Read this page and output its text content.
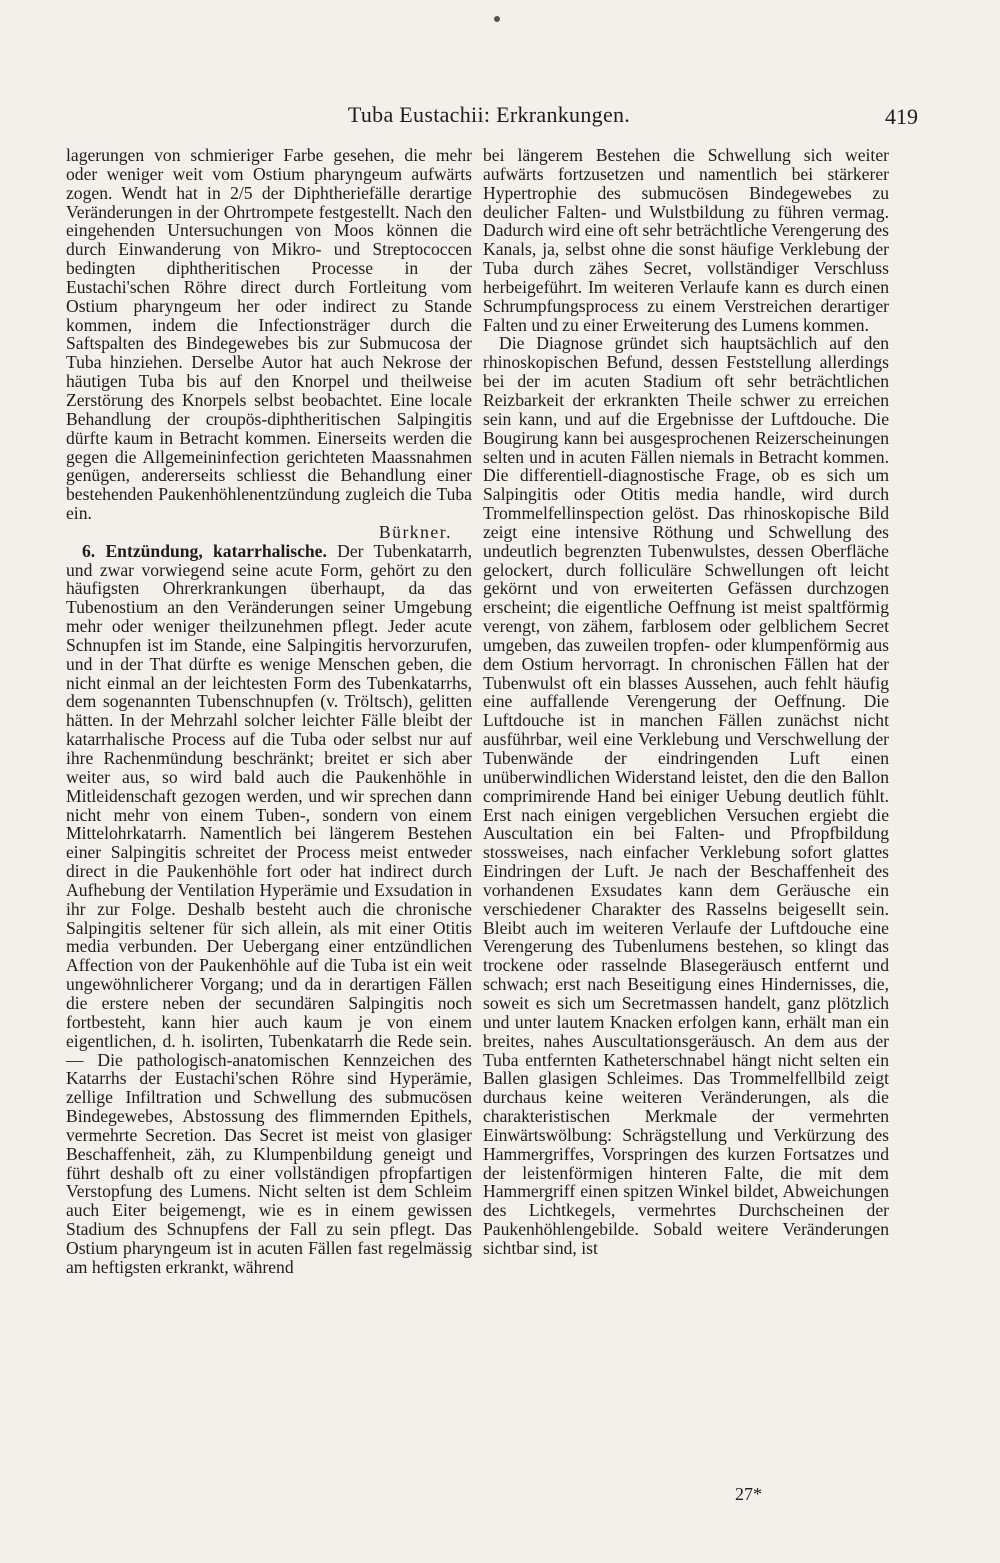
Tuba Eustachii: Erkrankungen.	419

lagerungen von schmieriger Farbe gesehen, die mehr oder weniger weit vom Ostium pharyngeum aufwärts zogen. Wendt hat in 2/5 der Diphtheriefälle derartige Veränderungen in der Ohrtrompete festgestellt. Nach den eingehenden Untersuchungen von Moos können die durch Einwanderung von Mikro- und Streptococcen bedingten diphtheritischen Processe in der Eustachi'schen Röhre direct durch Fortleitung vom Ostium pharyngeum her oder indirect zu Stande kommen, indem die Infectionsträger durch die Saftspalten des Bindegewebes bis zur Submucosa der Tuba hinziehen. Derselbe Autor hat auch Nekrose der häutigen Tuba bis auf den Knorpel und theilweise Zerstörung des Knorpels selbst beobachtet. Eine locale Behandlung der croupös-diphtheritischen Salpingitis dürfte kaum in Betracht kommen. Einerseits werden die gegen die Allgemeininfection gerichteten Maassnahmen genügen, andererseits schliesst die Behandlung einer bestehenden Paukenhöhlenentzündung zugleich die Tuba ein.

Bürkner.

6. Entzündung, katarrhalische. Der Tubenkatarrh, und zwar vorwiegend seine acute Form, gehört zu den häufigsten Ohrerkrankungen überhaupt, da das Tubenostium an den Veränderungen seiner Umgebung mehr oder weniger theilzunehmen pflegt. Jeder acute Schnupfen ist im Stande, eine Salpingitis hervorzurufen, und in der That dürfte es wenige Menschen geben, die nicht einmal an der leichtesten Form des Tubenkatarrhs, dem sogenannten Tubenschnupfen (v. Tröltsch), gelitten hätten. In der Mehrzahl solcher leichter Fälle bleibt der katarrhalische Process auf die Tuba oder selbst nur auf ihre Rachenmündung beschränkt; breitet er sich aber weiter aus, so wird bald auch die Paukenhöhle in Mitleidenschaft gezogen werden, und wir sprechen dann nicht mehr von einem Tuben-, sondern von einem Mittelohrkatarrh. Namentlich bei längerem Bestehen einer Salpingitis schreitet der Process meist entweder direct in die Paukenhöhle fort oder hat indirect durch Aufhebung der Ventilation Hyperämie und Exsudation in ihr zur Folge. Deshalb besteht auch die chronische Salpingitis seltener für sich allein, als mit einer Otitis media verbunden. Der Uebergang einer entzündlichen Affection von der Paukenhöhle auf die Tuba ist ein weit ungewöhnlicherer Vorgang; und da in derartigen Fällen die erstere neben der secundären Salpingitis noch fortbesteht, kann hier auch kaum je von einem eigentlichen, d. h. isolirten, Tubenkatarrh die Rede sein. — Die pathologisch-anatomischen Kennzeichen des Katarrhs der Eustachi'schen Röhre sind Hyperämie, zellige Infiltration und Schwellung des submucösen Bindegewebes, Abstossung des flimmernden Epithels, vermehrte Secretion. Das Secret ist meist von glasiger Beschaffenheit, zäh, zu Klumpenbildung geneigt und führt deshalb oft zu einer vollständigen pfropfartigen Verstopfung des Lumens. Nicht selten ist dem Schleim auch Eiter beigemengt, wie es in einem gewissen Stadium des Schnupfens der Fall zu sein pflegt. Das Ostium pharyngeum ist in acuten Fällen fast regelmässig am heftigsten erkrankt, während

bei längerem Bestehen die Schwellung sich weiter aufwärts fortzusetzen und namentlich bei stärkerer Hypertrophie des submucösen Bindegewebes zu deulicher Falten- und Wulstbildung zu führen vermag. Dadurch wird eine oft sehr beträchtliche Verengerung des Kanals, ja, selbst ohne die sonst häufige Verklebung der Tuba durch zähes Secret, vollständiger Verschluss herbeigeführt. Im weiteren Verlaufe kann es durch einen Schrumpfungsprocess zu einem Verstreichen derartiger Falten und zu einer Erweiterung des Lumens kommen.

Die Diagnose gründet sich hauptsächlich auf den rhinoskopischen Befund, dessen Feststellung allerdings bei der im acuten Stadium oft sehr beträchtlichen Reizbarkeit der erkrankten Theile schwer zu erreichen sein kann, und auf die Ergebnisse der Luftdouche. Die Bougirung kann bei ausgesprochenen Reizerscheinungen selten und in acuten Fällen niemals in Betracht kommen. Die differentiell-diagnostische Frage, ob es sich um Salpingitis oder Otitis media handle, wird durch Trommelfellinspection gelöst. Das rhinoskopische Bild zeigt eine intensive Röthung und Schwellung des undeutlich begrenzten Tubenwulstes, dessen Oberfläche gelockert, durch folliculäre Schwellungen oft leicht gekörnt und von erweiterten Gefässen durchzogen erscheint; die eigentliche Oeffnung ist meist spaltförmig verengt, von zähem, farblosem oder gelblichem Secret umgeben, das zuweilen tropfen- oder klumpenförmig aus dem Ostium hervorragt. In chronischen Fällen hat der Tubenwulst oft ein blasses Aussehen, auch fehlt häufig eine auffallende Verengerung der Oeffnung. Die Luftdouche ist in manchen Fällen zunächst nicht ausführbar, weil eine Verklebung und Verschwellung der Tubenwände der eindringenden Luft einen unüberwindlichen Widerstand leistet, den die den Ballon comprimirende Hand bei einiger Uebung deutlich fühlt. Erst nach einigen vergeblichen Versuchen ergiebt die Auscultation ein bei Falten- und Pfropfbildung stossweises, nach einfacher Verklebung sofort glattes Eindringen der Luft. Je nach der Beschaffenheit des vorhandenen Exsudates kann dem Geräusche ein verschiedener Charakter des Rasselns beigesellt sein. Bleibt auch im weiteren Verlaufe der Luftdouche eine Verengerung des Tubenlumens bestehen, so klingt das trockene oder rasselnde Blasegeräusch entfernt und schwach; erst nach Beseitigung eines Hindernisses, die, soweit es sich um Secretmassen handelt, ganz plötzlich und unter lautem Knacken erfolgen kann, erhält man ein breites, nahes Auscultationsgeräusch. An dem aus der Tuba entfernten Katheterschnabel hängt nicht selten ein Ballen glasigen Schleimes. Das Trommelfellbild zeigt durchaus keine weiteren Veränderungen, als die charakteristischen Merkmale der vermehrten Einwärtswölbung: Schrägstellung und Verkürzung des Hammergriffes, Vorspringen des kurzen Fortsatzes und der leistenförmigen hinteren Falte, die mit dem Hammergriff einen spitzen Winkel bildet, Abweichungen des Lichtkegels, vermehrtes Durchscheinen der Paukenhöhlengebilde. Sobald weitere Veränderungen sichtbar sind, ist

27*
